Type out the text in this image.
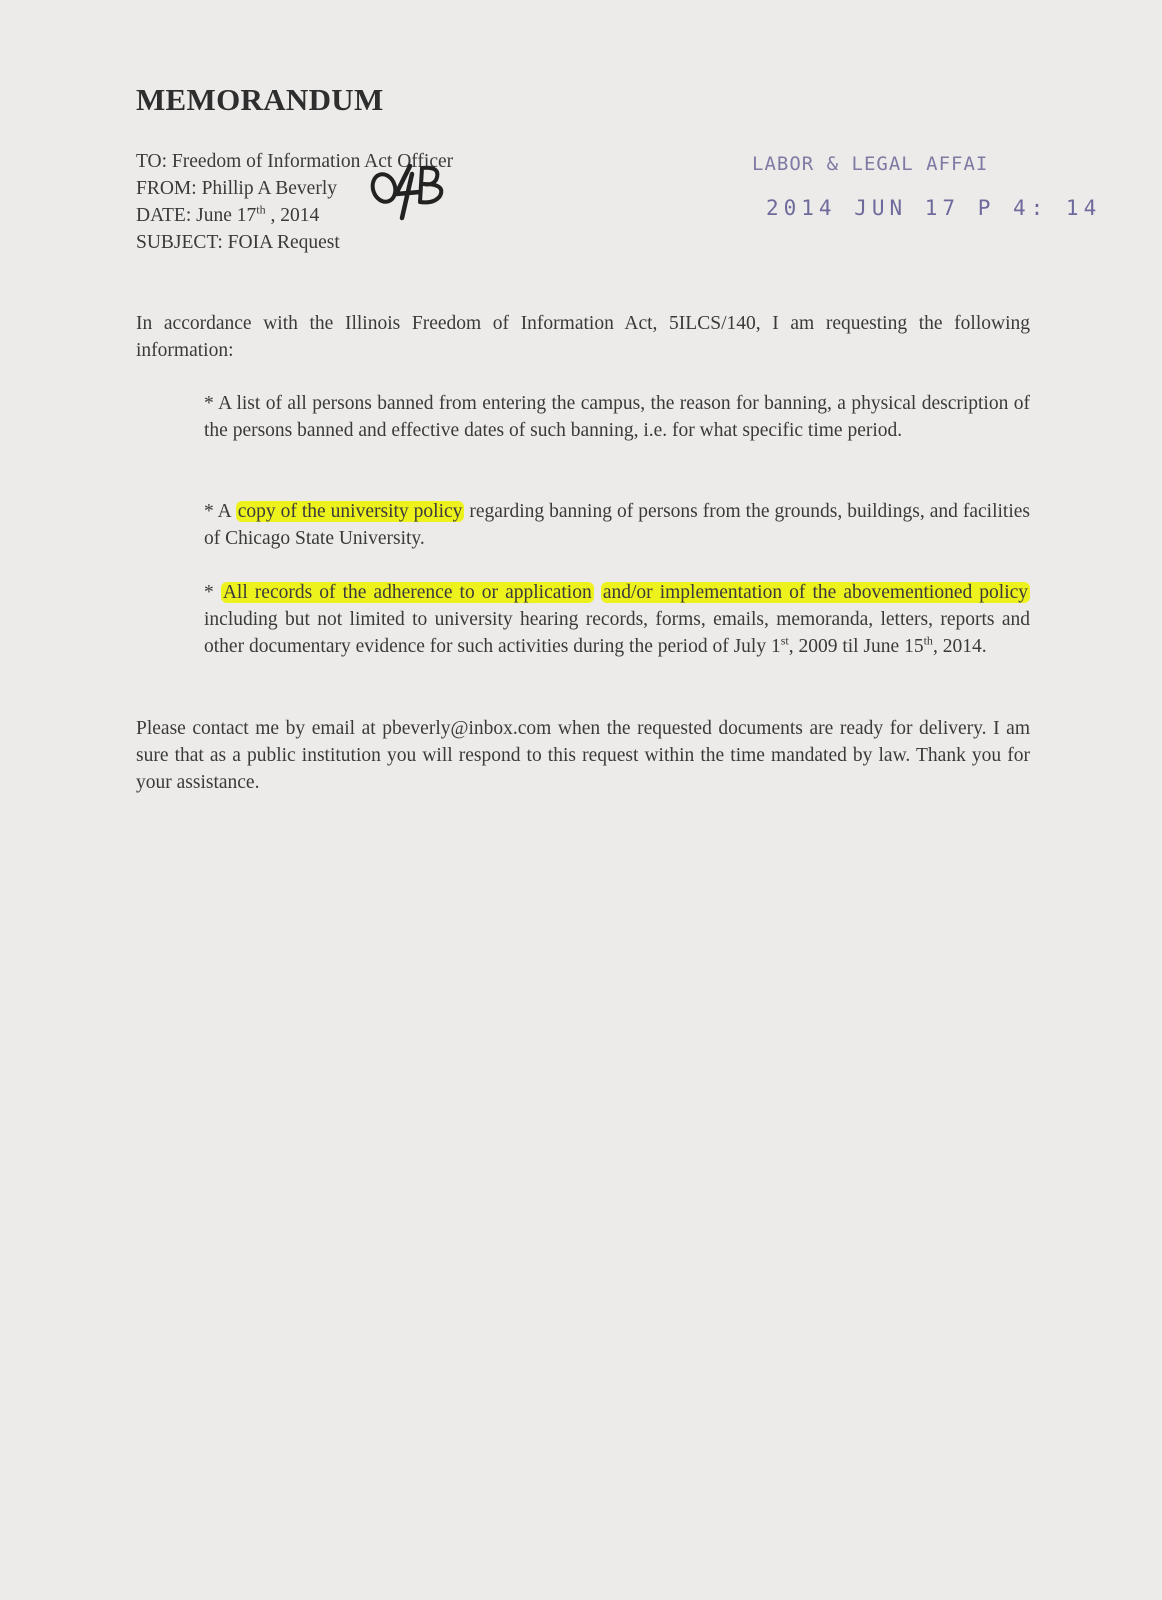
MEMORANDUM
TO: Freedom of Information Act Officer
FROM: Phillip A Beverly
DATE: June 17th , 2014
SUBJECT: FOIA Request
LABOR & LEGAL AFFAI
2014 JUN 17 P 4: 14
In accordance with the Illinois Freedom of Information Act, 5ILCS/140, I am requesting the following information:
* A list of all persons banned from entering the campus, the reason for banning, a physical description of the persons banned and effective dates of such banning, i.e. for what specific time period.
* A copy of the university policy regarding banning of persons from the grounds, buildings, and facilities of Chicago State University.
* All records of the adherence to or application and/or implementation of the abovementioned policy including but not limited to university hearing records, forms, emails, memoranda, letters, reports and other documentary evidence for such activities during the period of July 1st, 2009 til June 15th, 2014.
Please contact me by email at pbeverly@inbox.com when the requested documents are ready for delivery. I am sure that as a public institution you will respond to this request within the time mandated by law. Thank you for your assistance.
